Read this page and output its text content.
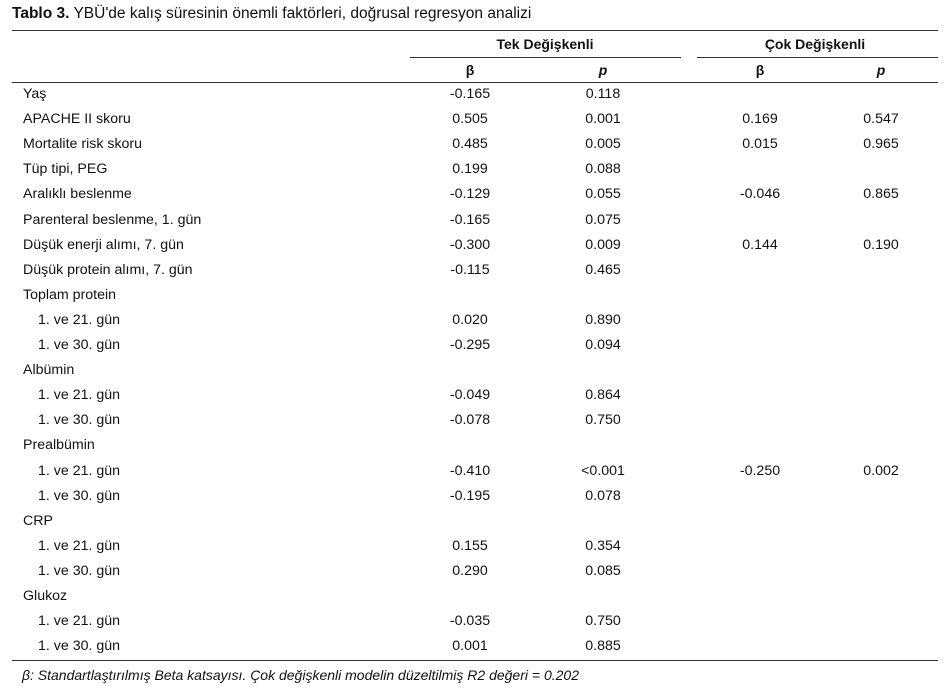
Tablo 3. YBÜ'de kalış süresinin önemli faktörleri, doğrusal regresyon analizi
Tek Değişkenli	Çok Değişkenli
β	p	β	p
Yaş	-0.165	0.118
APACHE II skoru	0.505	0.001	0.169	0.547
Mortalite risk skoru	0.485	0.005	0.015	0.965
Tüp tipi, PEG	0.199	0.088
Aralıklı beslenme	-0.129	0.055	-0.046	0.865
Parenteral beslenme, 1. gün	-0.165	0.075
Düşük enerji alımı, 7. gün	-0.300	0.009	0.144	0.190
Düşük protein alımı, 7. gün	-0.115	0.465
Toplam protein
1. ve 21. gün	0.020	0.890
1. ve 30. gün	-0.295	0.094
Albümin
1. ve 21. gün	-0.049	0.864
1. ve 30. gün	-0.078	0.750
Prealbümin
1. ve 21. gün	-0.410	<0.001	-0.250	0.002
1. ve 30. gün	-0.195	0.078
CRP
1. ve 21. gün	0.155	0.354
1. ve 30. gün	0.290	0.085
Glukoz
1. ve 21. gün	-0.035	0.750
1. ve 30. gün	0.001	0.885
β: Standartlaştırılmış Beta katsayısı. Çok değişkenli modelin düzeltilmiş R2 değeri = 0.202
